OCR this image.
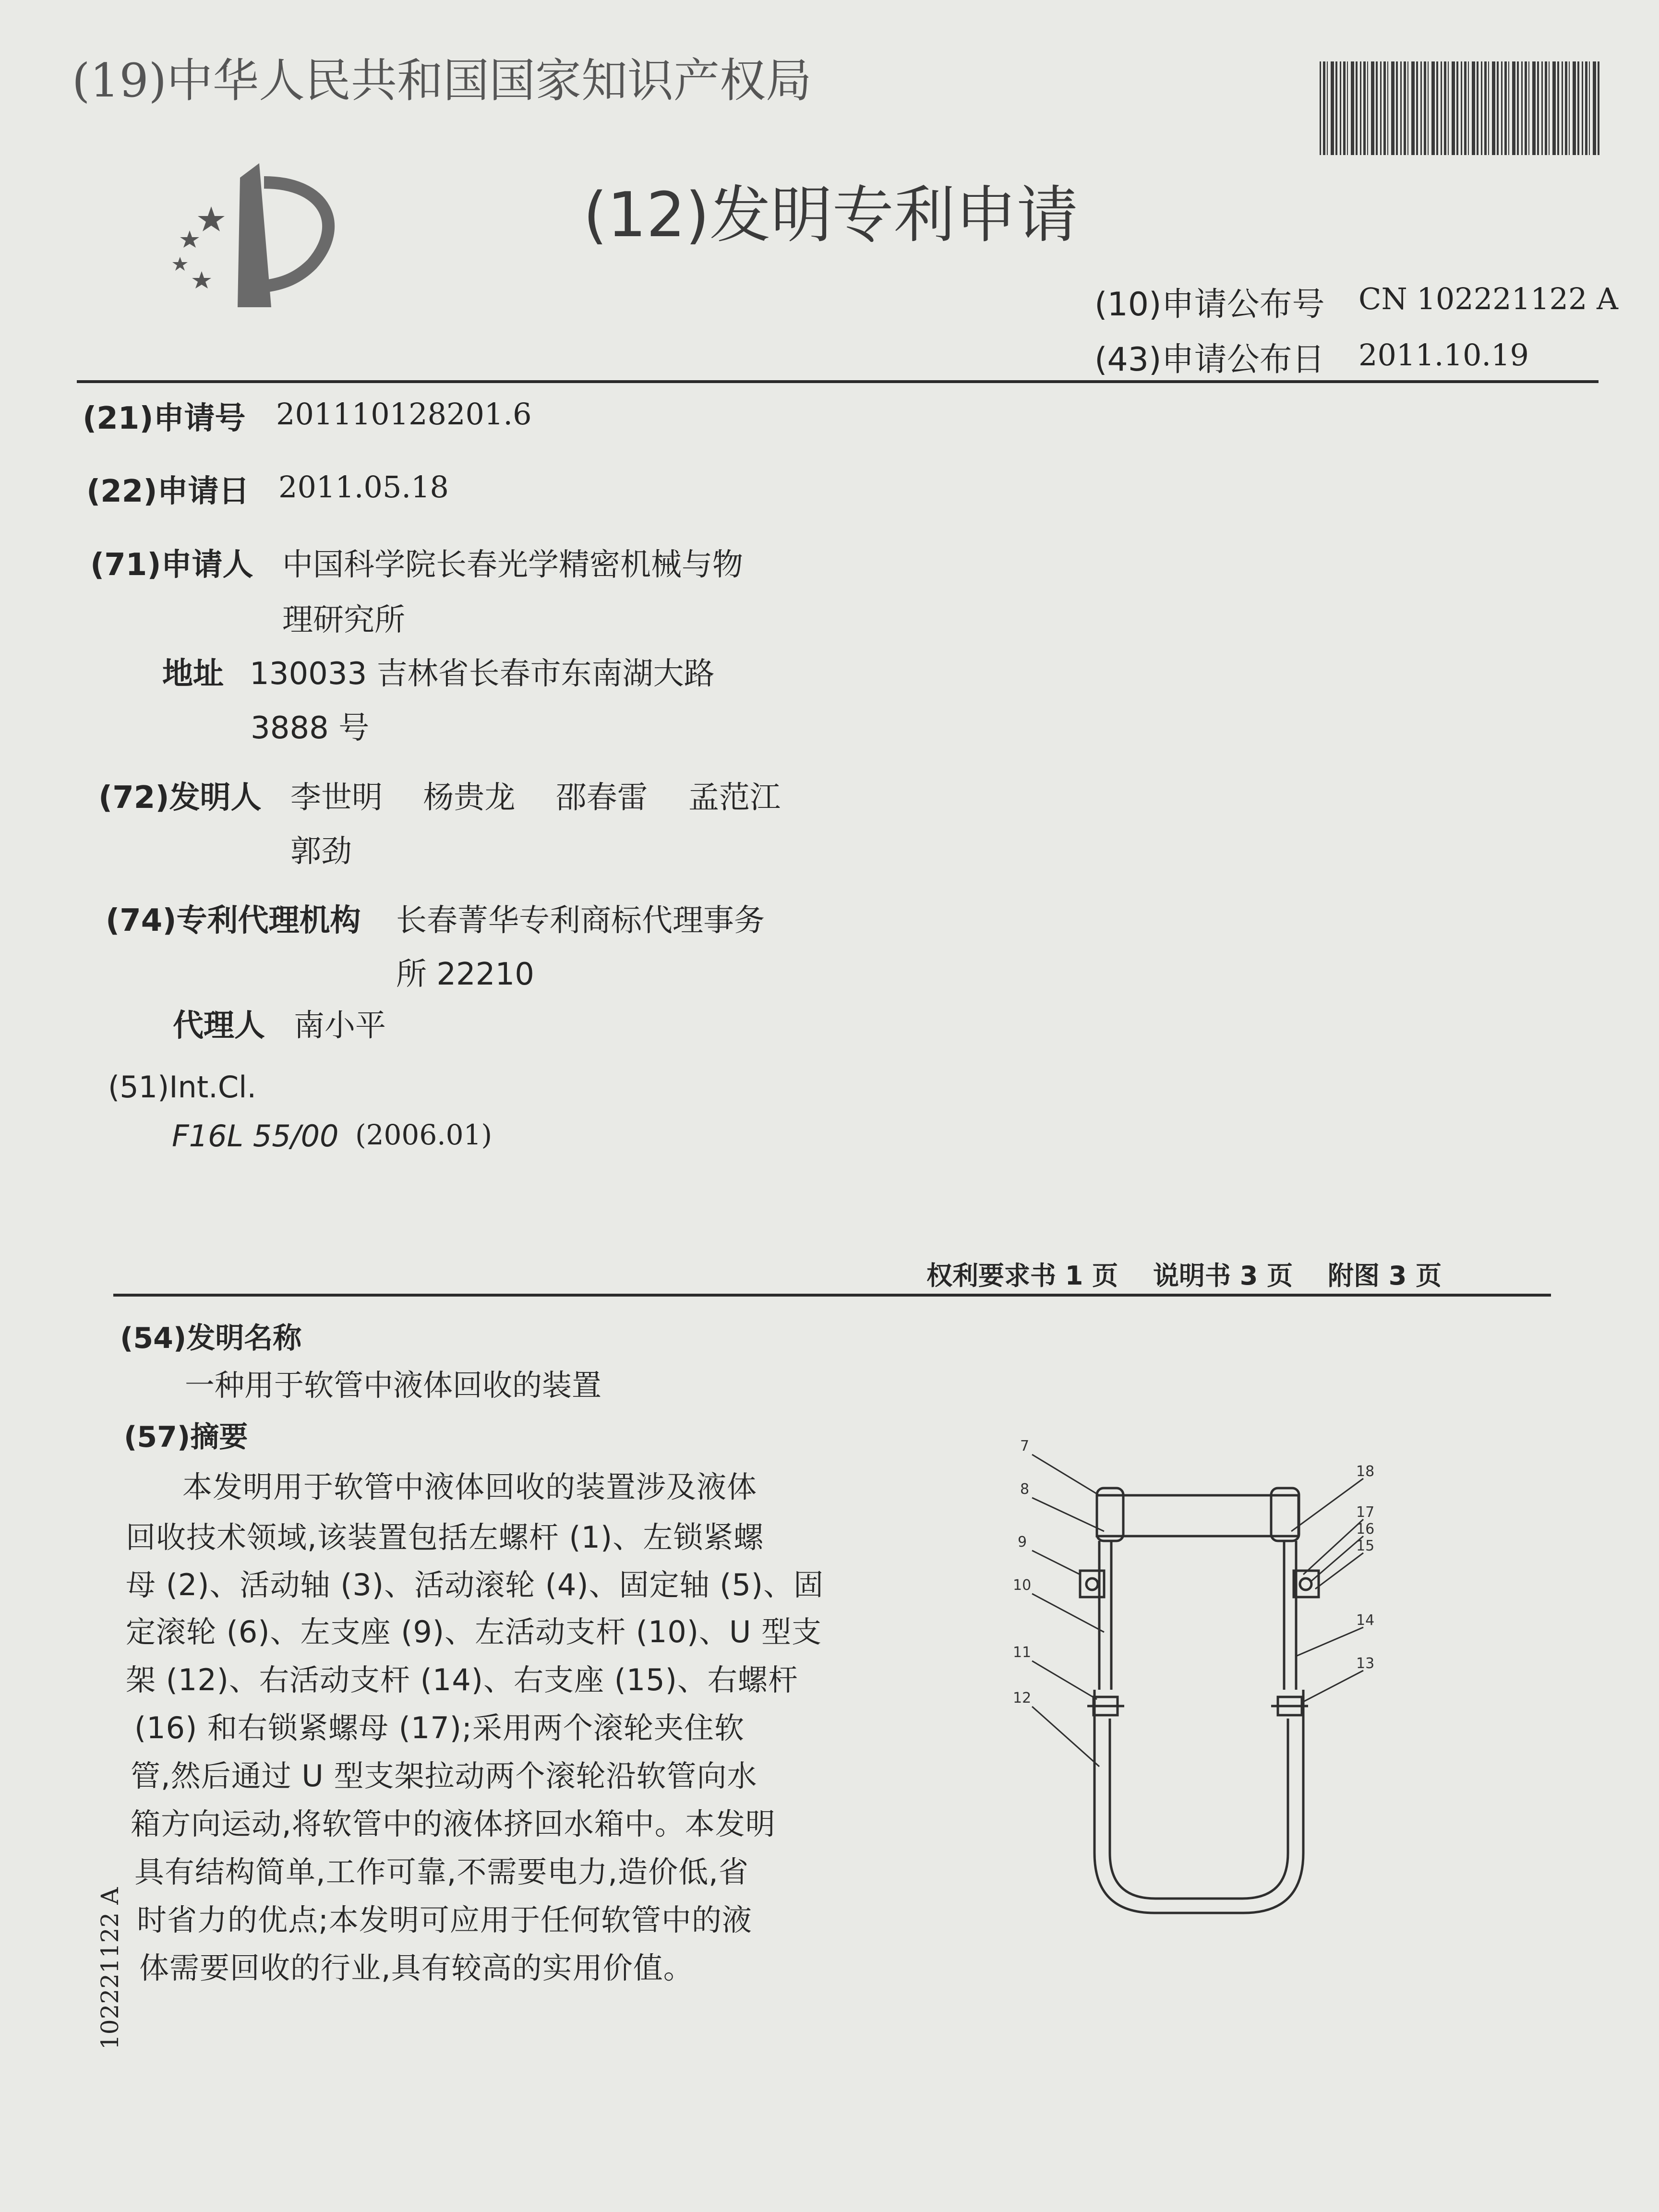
(19)中华人民共和国国家知识产权局
(12)发明专利申请
(10)申请公布号 CN 102221122 A
(43)申请公布日 2011.10.19
(21)申请号 201110128201.6
(22)申请日 2011.05.18
(71)申请人 中国科学院长春光学精密机械与物
理研究所
地址 130033 吉林省长春市东南湖大路
3888 号
(72)发明人 李世明　 杨贵龙　 邵春雷　 孟范江
郭劲
(74)专利代理机构 长春菁华专利商标代理事务
所 22210
代理人 南小平
(51)Int.Cl.
F16L 55/00 (2006.01)
权利要求书 1 页　 说明书 3 页　 附图 3 页
(54)发明名称
一种用于软管中液体回收的装置
(57)摘要
本发明用于软管中液体回收的装置涉及液体
回收技术领域,该装置包括左螺杆 (1)、左锁紧螺
母 (2)、活动轴 (3)、活动滚轮 (4)、固定轴 (5)、固
定滚轮 (6)、左支座 (9)、左活动支杆 (10)、U 型支
架 (12)、右活动支杆 (14)、右支座 (15)、右螺杆
(16) 和右锁紧螺母 (17);采用两个滚轮夹住软
管,然后通过 U 型支架拉动两个滚轮沿软管向水
箱方向运动,将软管中的液体挤回水箱中。本发明
具有结构简单,工作可靠,不需要电力,造价低,省
时省力的优点;本发明可应用于任何软管中的液
体需要回收的行业,具有较高的实用价值。
7
8
9
10
11
12
18
17
16
15
14
13
102221122 A
